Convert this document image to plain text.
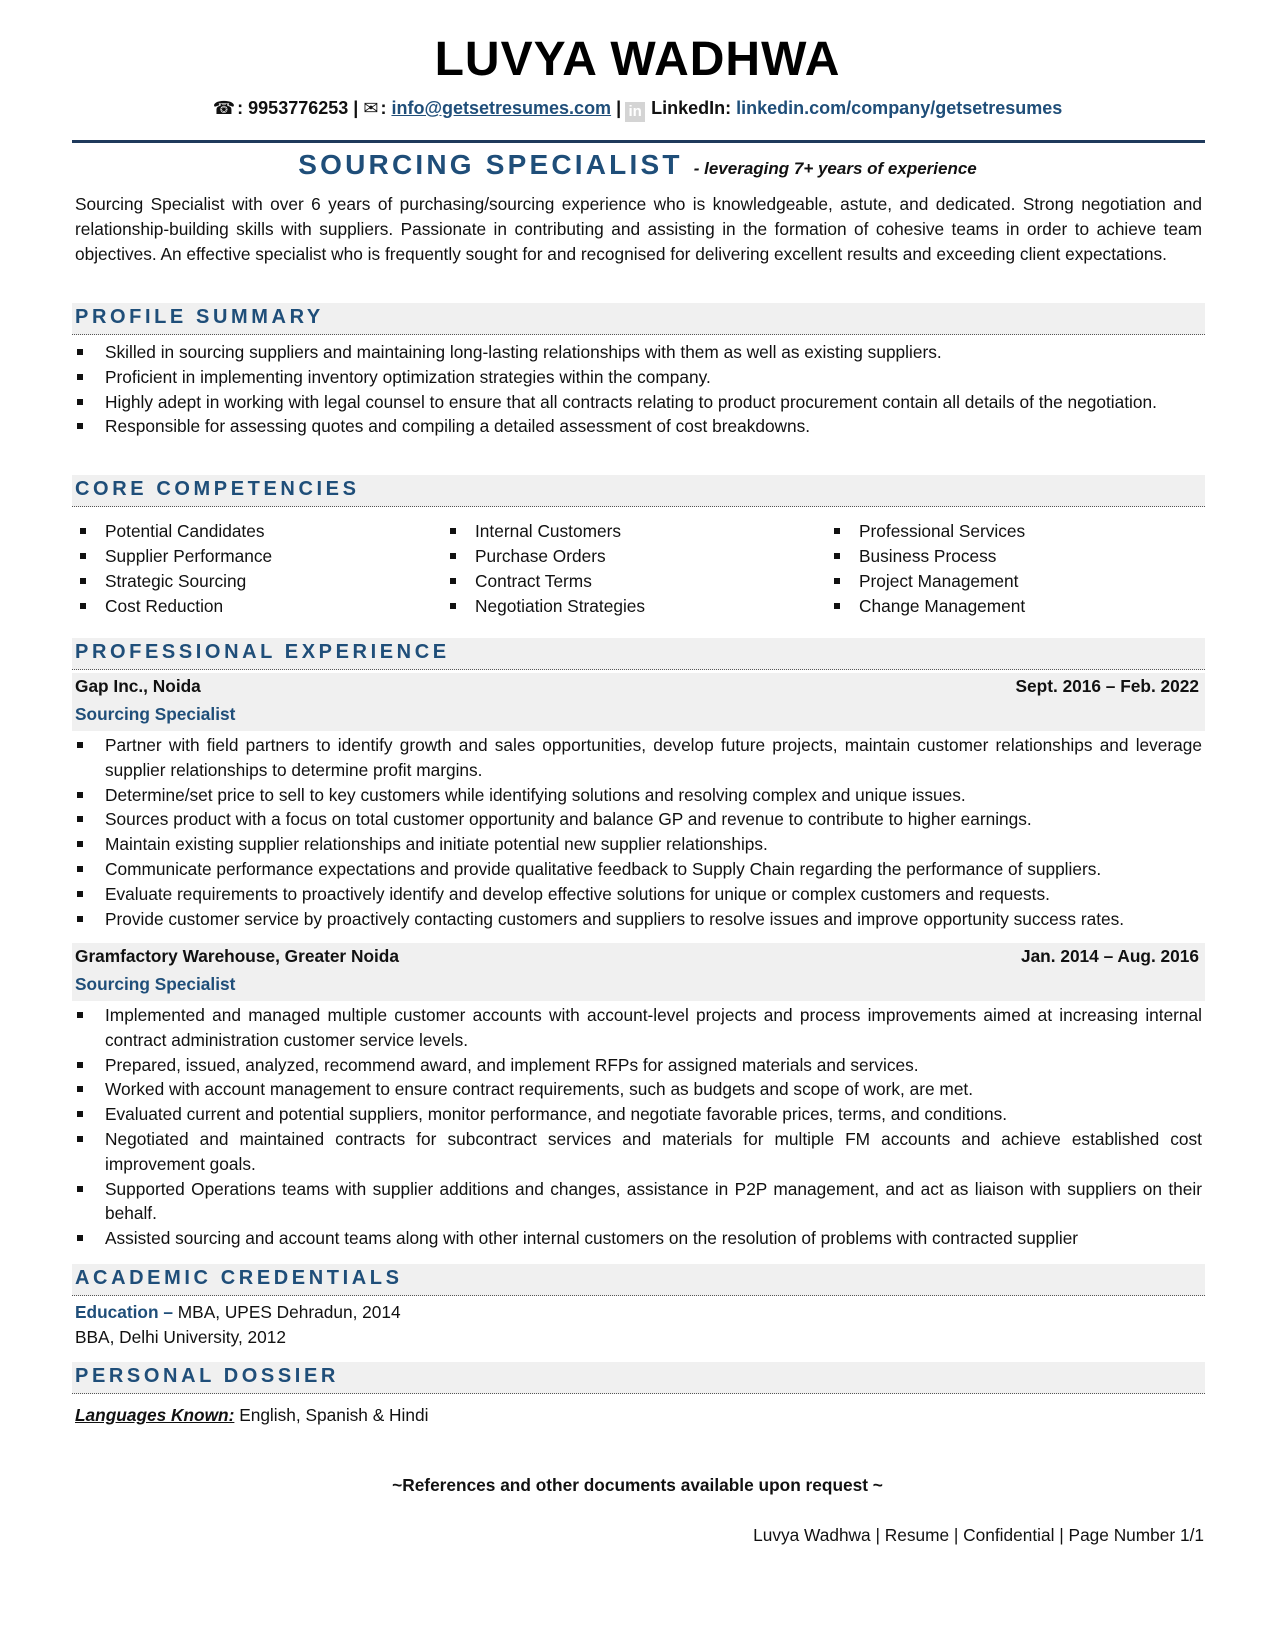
LUVYA WADHWA
☎ : 9953776253 | ✉ : info@getsetresumes.com | in LinkedIn: linkedin.com/company/getsetresumes
SOURCING SPECIALIST - leveraging 7+ years of experience
Sourcing Specialist with over 6 years of purchasing/sourcing experience who is knowledgeable, astute, and dedicated. Strong negotiation and relationship-building skills with suppliers. Passionate in contributing and assisting in the formation of cohesive teams in order to achieve team objectives. An effective specialist who is frequently sought for and recognised for delivering excellent results and exceeding client expectations.
PROFILE SUMMARY
Skilled in sourcing suppliers and maintaining long-lasting relationships with them as well as existing suppliers.
Proficient in implementing inventory optimization strategies within the company.
Highly adept in working with legal counsel to ensure that all contracts relating to product procurement contain all details of the negotiation.
Responsible for assessing quotes and compiling a detailed assessment of cost breakdowns.
CORE COMPETENCIES
Potential Candidates
Supplier Performance
Strategic Sourcing
Cost Reduction
Internal Customers
Purchase Orders
Contract Terms
Negotiation Strategies
Professional Services
Business Process
Project Management
Change Management
PROFESSIONAL EXPERIENCE
Gap Inc., Noida	Sept. 2016 – Feb. 2022
Sourcing Specialist
Partner with field partners to identify growth and sales opportunities, develop future projects, maintain customer relationships and leverage supplier relationships to determine profit margins.
Determine/set price to sell to key customers while identifying solutions and resolving complex and unique issues.
Sources product with a focus on total customer opportunity and balance GP and revenue to contribute to higher earnings.
Maintain existing supplier relationships and initiate potential new supplier relationships.
Communicate performance expectations and provide qualitative feedback to Supply Chain regarding the performance of suppliers.
Evaluate requirements to proactively identify and develop effective solutions for unique or complex customers and requests.
Provide customer service by proactively contacting customers and suppliers to resolve issues and improve opportunity success rates.
Gramfactory Warehouse, Greater Noida	Jan. 2014 – Aug. 2016
Sourcing Specialist
Implemented and managed multiple customer accounts with account-level projects and process improvements aimed at increasing internal contract administration customer service levels.
Prepared, issued, analyzed, recommend award, and implement RFPs for assigned materials and services.
Worked with account management to ensure contract requirements, such as budgets and scope of work, are met.
Evaluated current and potential suppliers, monitor performance, and negotiate favorable prices, terms, and conditions.
Negotiated and maintained contracts for subcontract services and materials for multiple FM accounts and achieve established cost improvement goals.
Supported Operations teams with supplier additions and changes, assistance in P2P management, and act as liaison with suppliers on their behalf.
Assisted sourcing and account teams along with other internal customers on the resolution of problems with contracted supplier
ACADEMIC CREDENTIALS
Education – MBA, UPES Dehradun, 2014
BBA, Delhi University, 2012
PERSONAL DOSSIER
Languages Known: English, Spanish & Hindi
~References and other documents available upon request ~
Luvya Wadhwa | Resume | Confidential | Page Number 1/1
